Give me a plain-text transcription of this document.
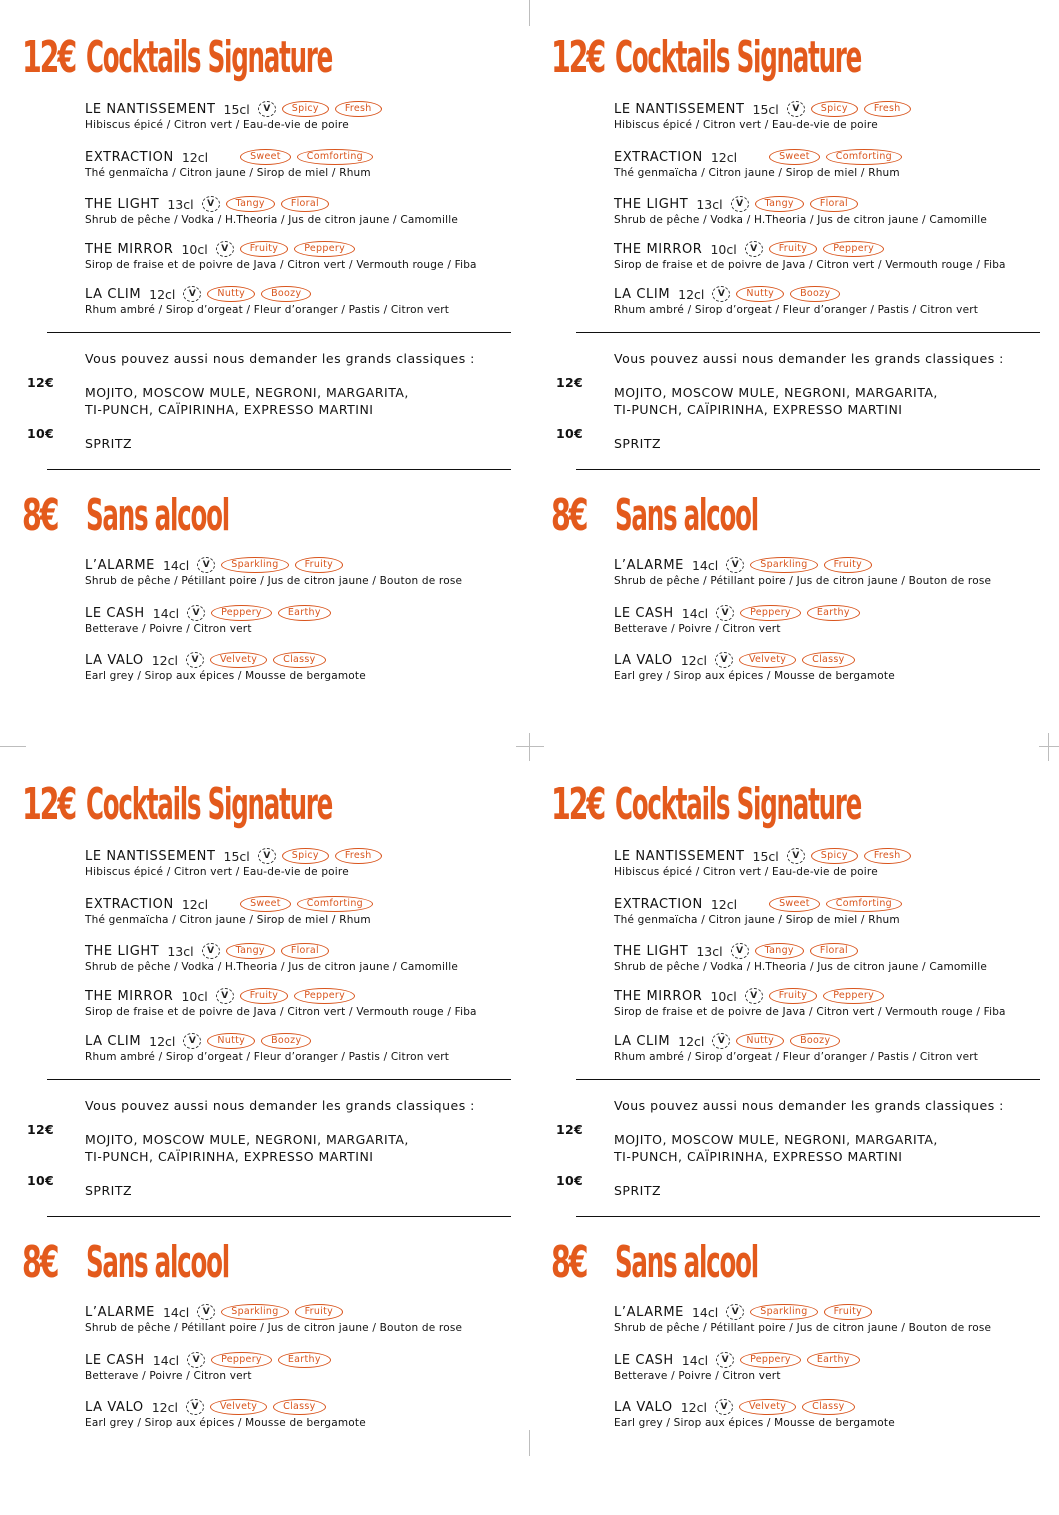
12€ Cocktails Signature
LE NANTISSEMENT 15cl	V	Spicy	Fresh
Hibiscus épicé / Citron vert / Eau-de-vie de poire
EXTRACTION 12cl	Sweet	Comforting
Thé genmaïcha / Citron jaune / Sirop de miel / Rhum
THE LIGHT 13cl	V	Tangy	Floral
Shrub de pêche / Vodka / H.Theoria / Jus de citron jaune / Camomille
THE MIRROR 10cl	V	Fruity	Peppery
Sirop de fraise et de poivre de Java / Citron vert / Vermouth rouge / Fiba
LA CLIM 12cl	V	Nutty	Boozy
Rhum ambré / Sirop d’orgeat / Fleur d’oranger / Pastis / Citron vert
Vous pouvez aussi nous demander les grands classiques :
12€
MOJITO, MOSCOW MULE, NEGRONI, MARGARITA,
TI-PUNCH, CAÏPIRINHA, EXPRESSO MARTINI
10€
SPRITZ
8€ Sans alcool
L’ALARME 14cl	V	Sparkling	Fruity
Shrub de pêche / Pétillant poire / Jus de citron jaune / Bouton de rose
LE CASH 14cl	V	Peppery	Earthy
Betterave / Poivre / Citron vert
LA VALO 12cl	V	Velvety	Classy
Earl grey / Sirop aux épices / Mousse de bergamote
12€ Cocktails Signature
LE NANTISSEMENT 15cl	V	Spicy	Fresh
Hibiscus épicé / Citron vert / Eau-de-vie de poire
EXTRACTION 12cl	Sweet	Comforting
Thé genmaïcha / Citron jaune / Sirop de miel / Rhum
THE LIGHT 13cl	V	Tangy	Floral
Shrub de pêche / Vodka / H.Theoria / Jus de citron jaune / Camomille
THE MIRROR 10cl	V	Fruity	Peppery
Sirop de fraise et de poivre de Java / Citron vert / Vermouth rouge / Fiba
LA CLIM 12cl	V	Nutty	Boozy
Rhum ambré / Sirop d’orgeat / Fleur d’oranger / Pastis / Citron vert
Vous pouvez aussi nous demander les grands classiques :
12€
MOJITO, MOSCOW MULE, NEGRONI, MARGARITA,
TI-PUNCH, CAÏPIRINHA, EXPRESSO MARTINI
10€
SPRITZ
8€ Sans alcool
L’ALARME 14cl	V	Sparkling	Fruity
Shrub de pêche / Pétillant poire / Jus de citron jaune / Bouton de rose
LE CASH 14cl	V	Peppery	Earthy
Betterave / Poivre / Citron vert
LA VALO 12cl	V	Velvety	Classy
Earl grey / Sirop aux épices / Mousse de bergamote
12€ Cocktails Signature
LE NANTISSEMENT 15cl	V	Spicy	Fresh
Hibiscus épicé / Citron vert / Eau-de-vie de poire
EXTRACTION 12cl	Sweet	Comforting
Thé genmaïcha / Citron jaune / Sirop de miel / Rhum
THE LIGHT 13cl	V	Tangy	Floral
Shrub de pêche / Vodka / H.Theoria / Jus de citron jaune / Camomille
THE MIRROR 10cl	V	Fruity	Peppery
Sirop de fraise et de poivre de Java / Citron vert / Vermouth rouge / Fiba
LA CLIM 12cl	V	Nutty	Boozy
Rhum ambré / Sirop d’orgeat / Fleur d’oranger / Pastis / Citron vert
Vous pouvez aussi nous demander les grands classiques :
12€
MOJITO, MOSCOW MULE, NEGRONI, MARGARITA,
TI-PUNCH, CAÏPIRINHA, EXPRESSO MARTINI
10€
SPRITZ
8€ Sans alcool
L’ALARME 14cl	V	Sparkling	Fruity
Shrub de pêche / Pétillant poire / Jus de citron jaune / Bouton de rose
LE CASH 14cl	V	Peppery	Earthy
Betterave / Poivre / Citron vert
LA VALO 12cl	V	Velvety	Classy
Earl grey / Sirop aux épices / Mousse de bergamote
12€ Cocktails Signature
LE NANTISSEMENT 15cl	V	Spicy	Fresh
Hibiscus épicé / Citron vert / Eau-de-vie de poire
EXTRACTION 12cl	Sweet	Comforting
Thé genmaïcha / Citron jaune / Sirop de miel / Rhum
THE LIGHT 13cl	V	Tangy	Floral
Shrub de pêche / Vodka / H.Theoria / Jus de citron jaune / Camomille
THE MIRROR 10cl	V	Fruity	Peppery
Sirop de fraise et de poivre de Java / Citron vert / Vermouth rouge / Fiba
LA CLIM 12cl	V	Nutty	Boozy
Rhum ambré / Sirop d’orgeat / Fleur d’oranger / Pastis / Citron vert
Vous pouvez aussi nous demander les grands classiques :
12€
MOJITO, MOSCOW MULE, NEGRONI, MARGARITA,
TI-PUNCH, CAÏPIRINHA, EXPRESSO MARTINI
10€
SPRITZ
8€ Sans alcool
L’ALARME 14cl	V	Sparkling	Fruity
Shrub de pêche / Pétillant poire / Jus de citron jaune / Bouton de rose
LE CASH 14cl	V	Peppery	Earthy
Betterave / Poivre / Citron vert
LA VALO 12cl	V	Velvety	Classy
Earl grey / Sirop aux épices / Mousse de bergamote
